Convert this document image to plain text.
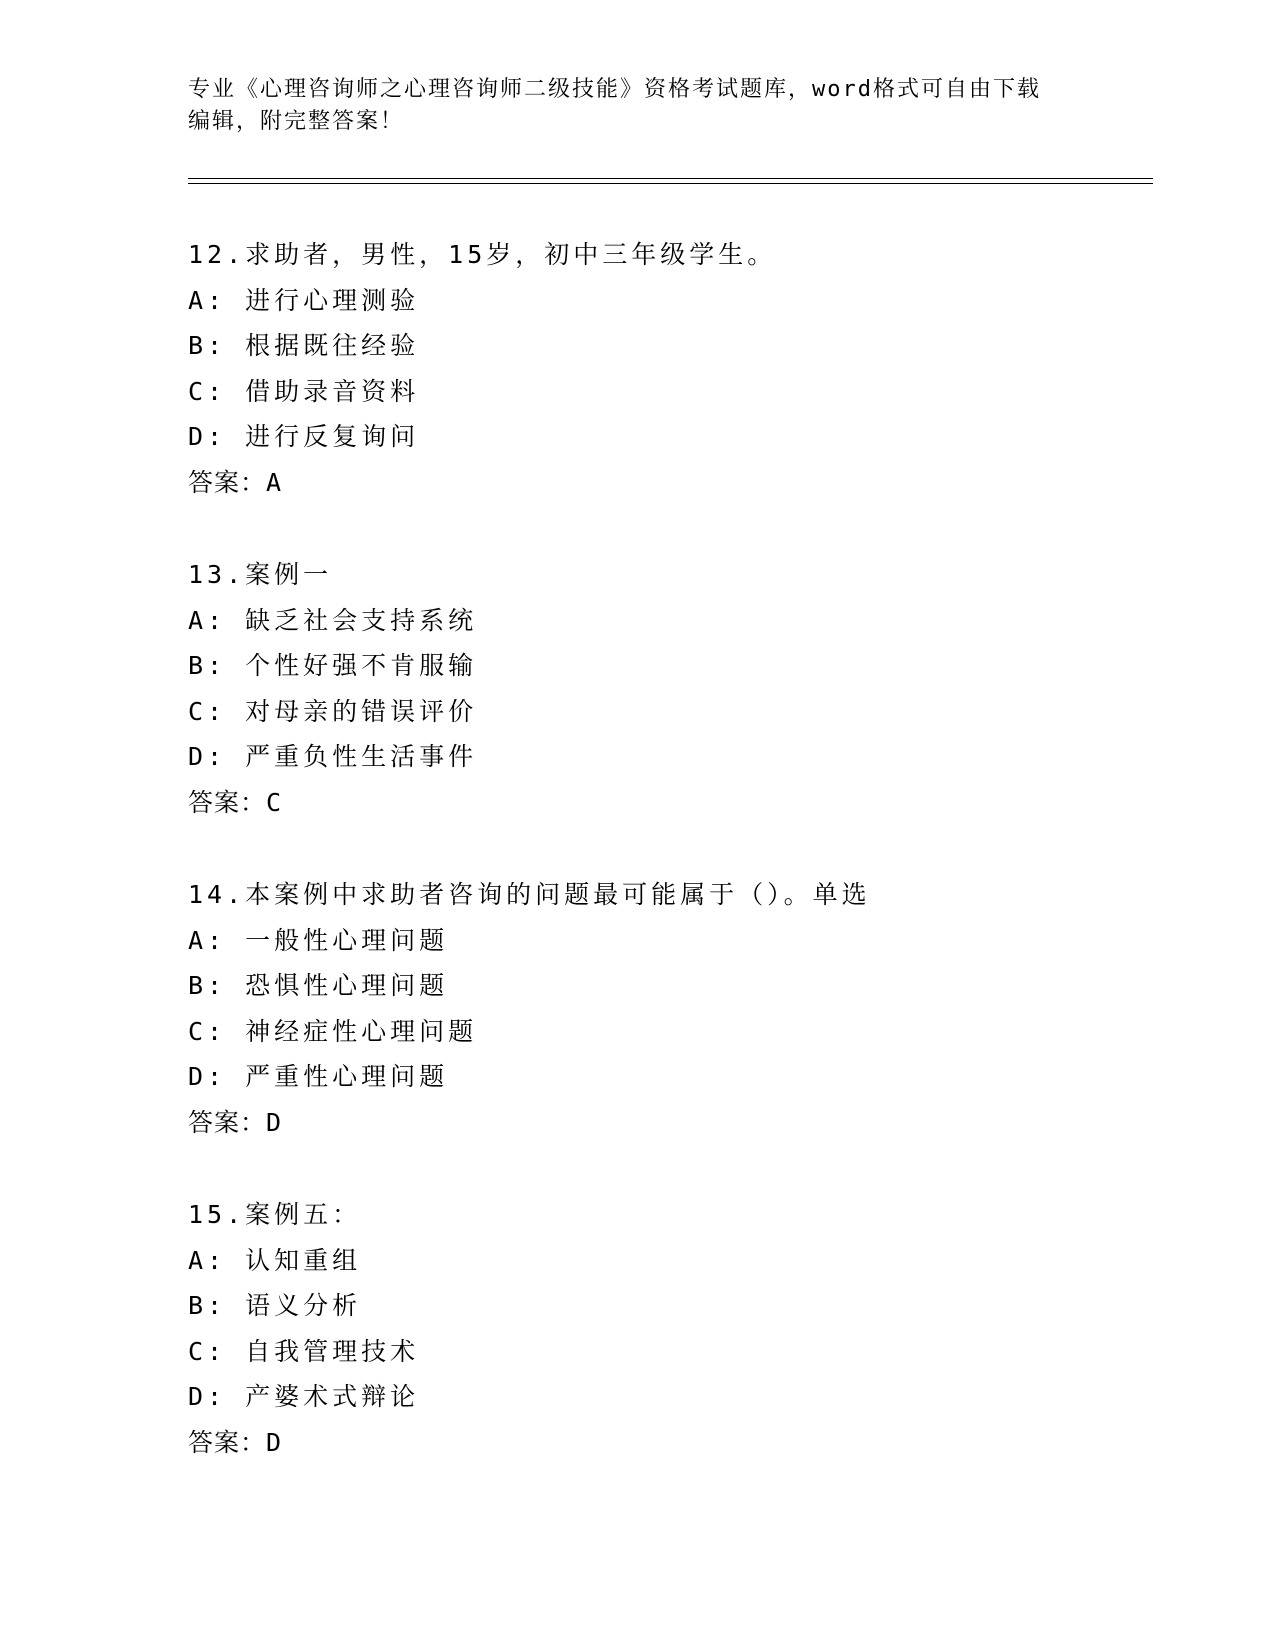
专业《心理咨询师之心理咨询师二级技能》资格考试题库，word格式可自由下载
编辑，附完整答案！
12.求助者，男性，15岁，初中三年级学生。
A: 进行心理测验
B: 根据既往经验
C: 借助录音资料
D: 进行反复询问
答案：A
13.案例一
A: 缺乏社会支持系统
B: 个性好强不肯服输
C: 对母亲的错误评价
D: 严重负性生活事件
答案：C
14.本案例中求助者咨询的问题最可能属于（）。单选
A: 一般性心理问题
B: 恐惧性心理问题
C: 神经症性心理问题
D: 严重性心理问题
答案：D
15.案例五：
A: 认知重组
B: 语义分析
C: 自我管理技术
D: 产婆术式辩论
答案：D
